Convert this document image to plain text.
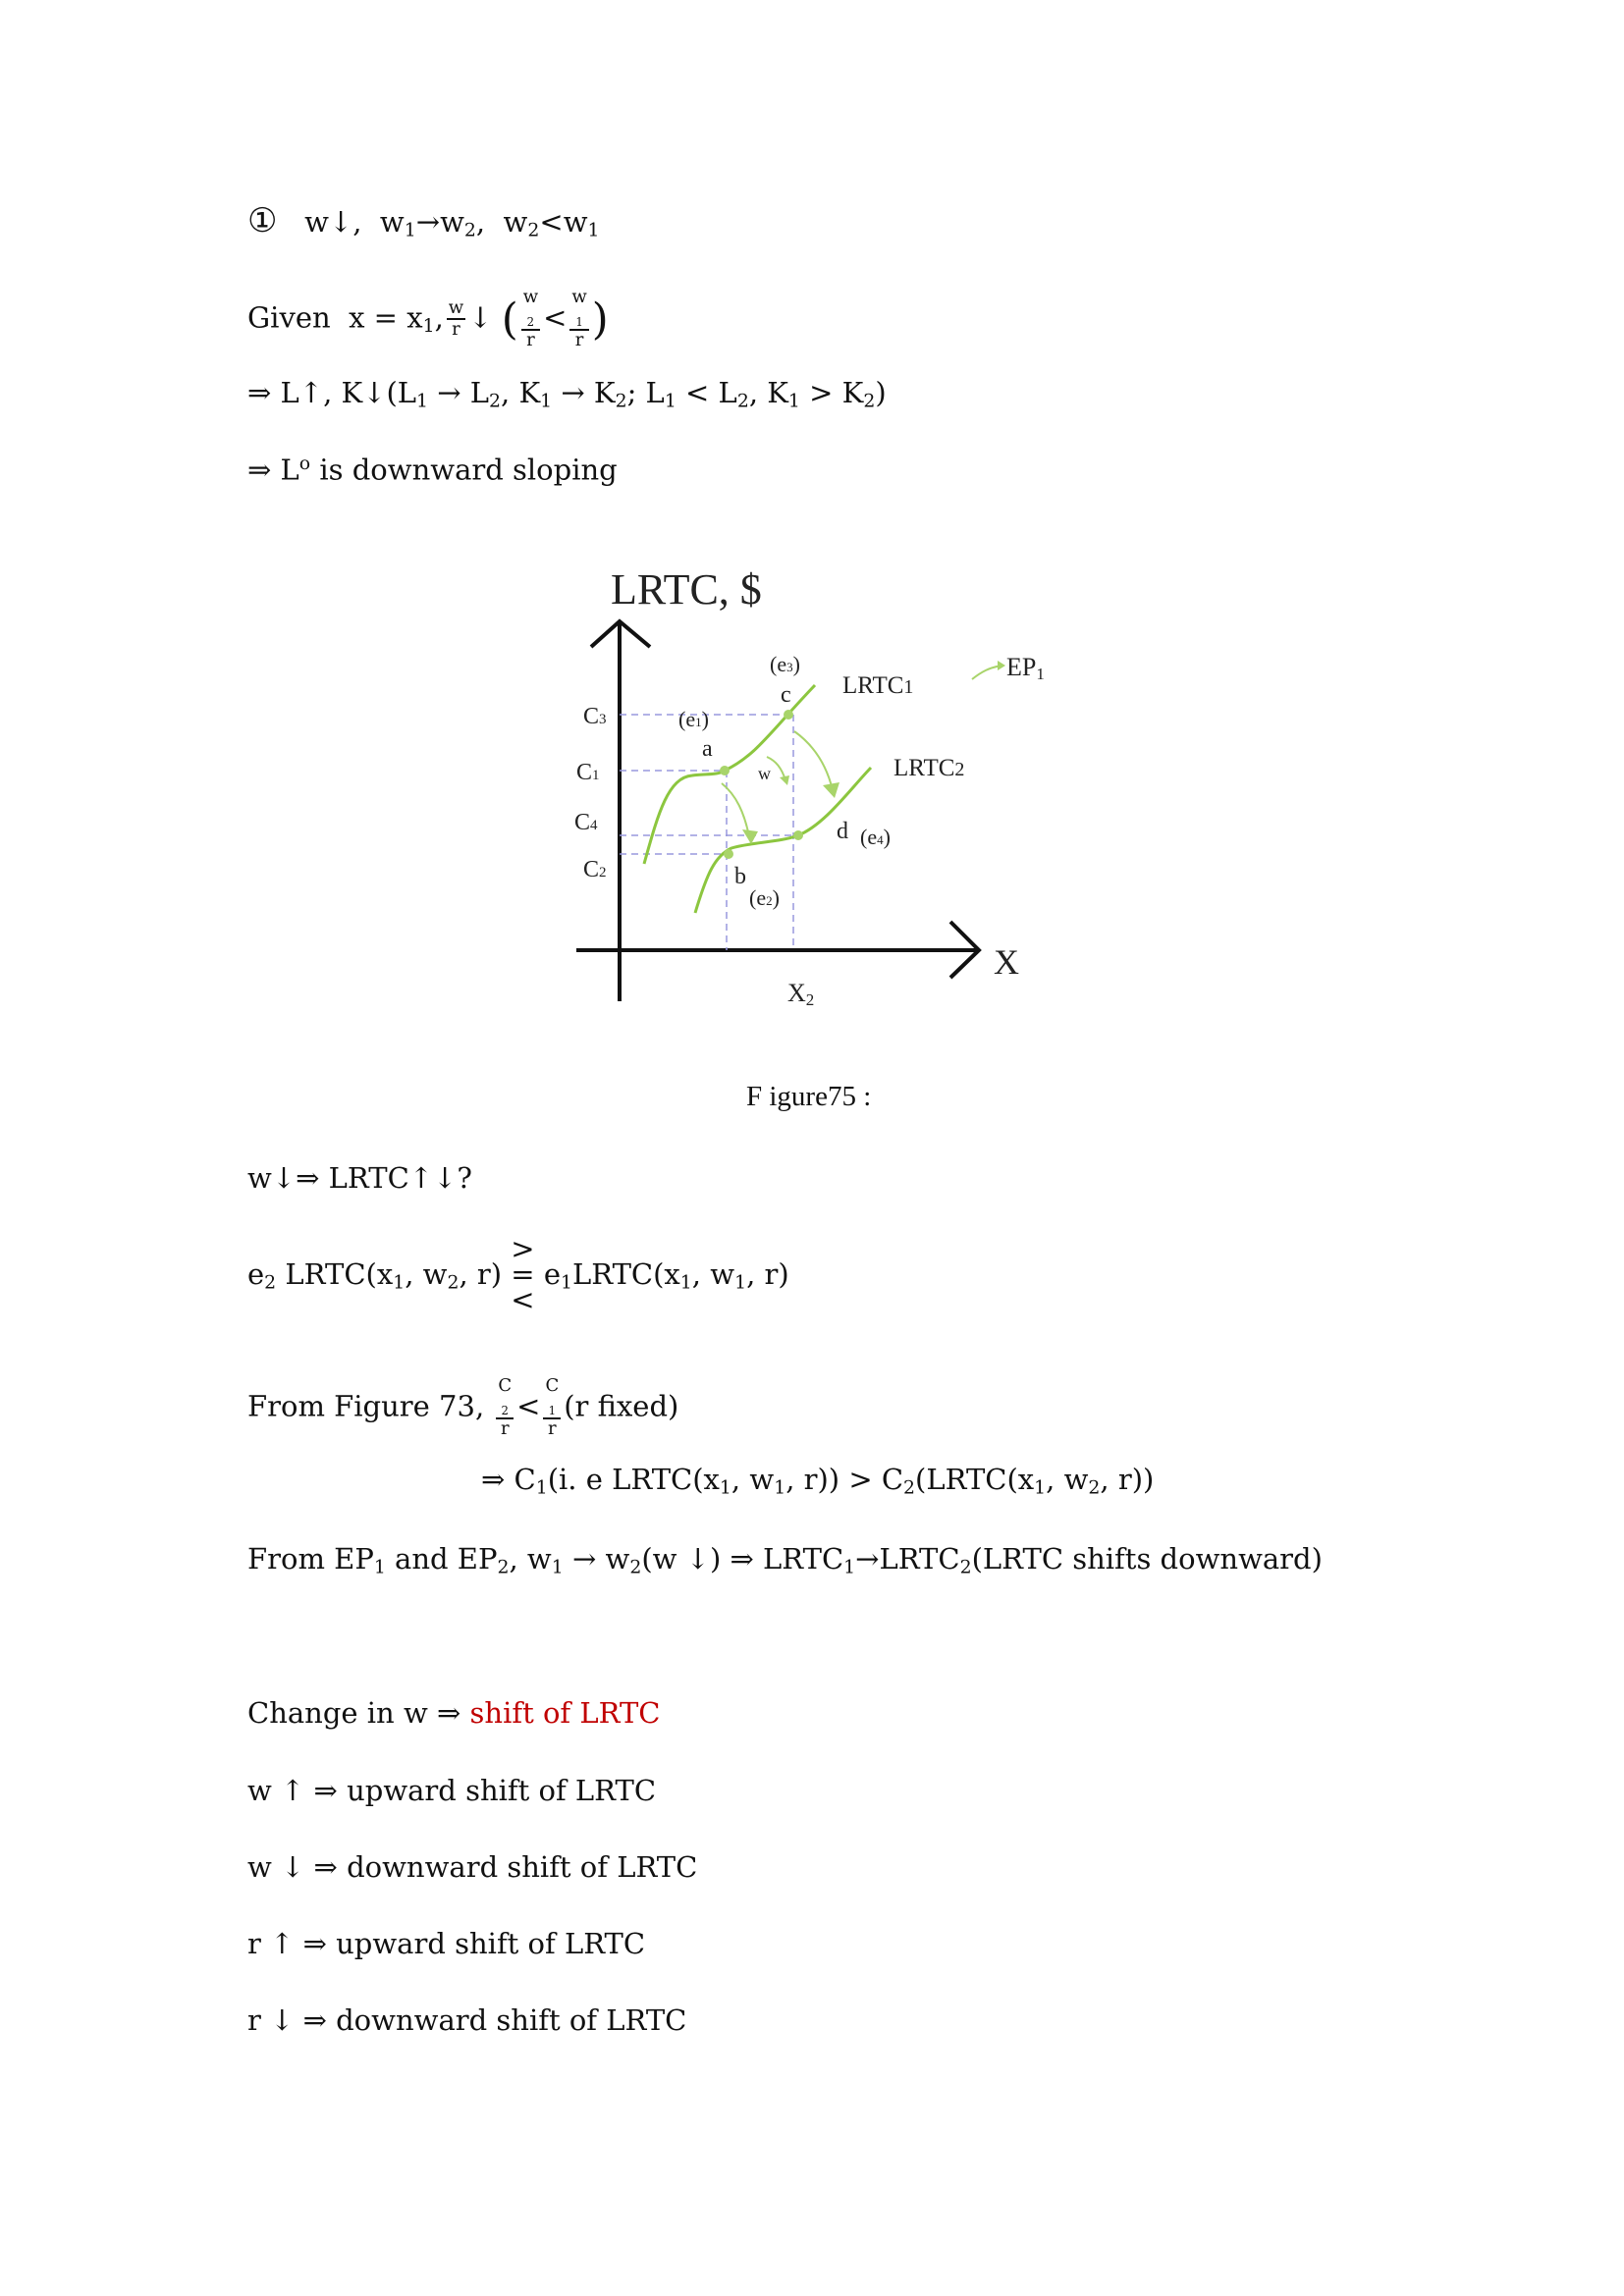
① w↓, $w_1\to w_2$, $w_2<w_1$
Given $x = x_1$, $\frac{w}{r}$ ↓ ( w
$_2$
r < w
$_1$
r )
⇒ L↑, $K↓(L_1 \to L_2$, $K_1 \to K_2$; $L_1 < L_2$, $K_1 > K_2$)
⇒ $L^o$ is downward sloping
LRTC, $
X
X2
C3
C1
C4
C2
EP1
LRTC1
LRTC2
(e3)
c
(e1)
a
w
d (e4)
b
(e2)
F igure75 :
w↓⇒ LRTC↑↓?
$e_2$ $LRTC(x_1$, $w_2$, r)
>
=
<
$e_1LRTC(x_1$, $w_1$, r)
From Figure 73, C
$_2$
r < C
$_1$
r (r fixed)
⇒ $C_1(i$. e $LRTC(x_1$, $w_1$, $r)) > C_2(LRTC(x_1$, $w_2$, r))
From $EP_1$ and $EP_2$, $w_1 \to w_2(w$ ↓) ⇒ $LRTC_1\to LRTC_2(LRTC$ shifts downward)
Change in w ⇒ shift of LRTC
w ↑ ⇒ upward shift of LRTC
w ↓ ⇒ downward shift of LRTC
r ↑ ⇒ upward shift of LRTC
r ↓ ⇒ downward shift of LRTC
